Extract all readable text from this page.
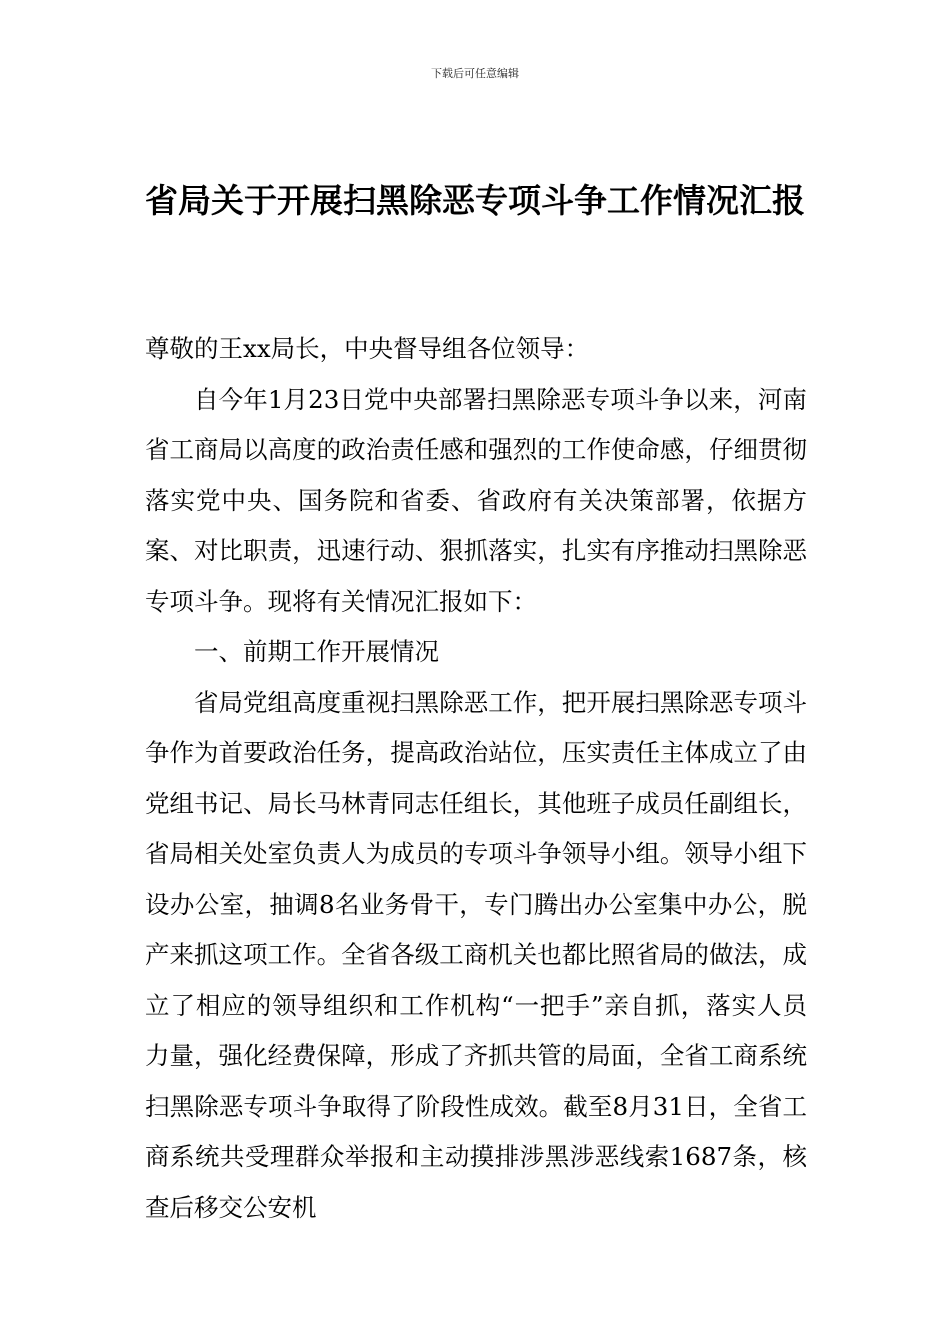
下载后可任意编辑
省局关于开展扫黑除恶专项斗争工作情况汇报

尊敬的王xx局长，中央督导组各位领导：

自今年1月23日党中央部署扫黑除恶专项斗争以来，河南省工商局以高度的政治责任感和强烈的工作使命感，仔细贯彻落实党中央、国务院和省委、省政府有关决策部署，依据方案、对比职责，迅速行动、狠抓落实，扎实有序推动扫黑除恶专项斗争。现将有关情况汇报如下：

一、前期工作开展情况

省局党组高度重视扫黑除恶工作，把开展扫黑除恶专项斗争作为首要政治任务，提高政治站位，压实责任主体成立了由党组书记、局长马林青同志任组长，其他班子成员任副组长，省局相关处室负责人为成员的专项斗争领导小组。领导小组下设办公室，抽调8名业务骨干，专门腾出办公室集中办公，脱产来抓这项工作。全省各级工商机关也都比照省局的做法，成立了相应的领导组织和工作机构“一把手”亲自抓，落实人员力量，强化经费保障，形成了齐抓共管的局面，全省工商系统扫黑除恶专项斗争取得了阶段性成效。截至8月31日，全省工商系统共受理群众举报和主动摸排涉黑涉恶线索1687条，核查后移交公安机
